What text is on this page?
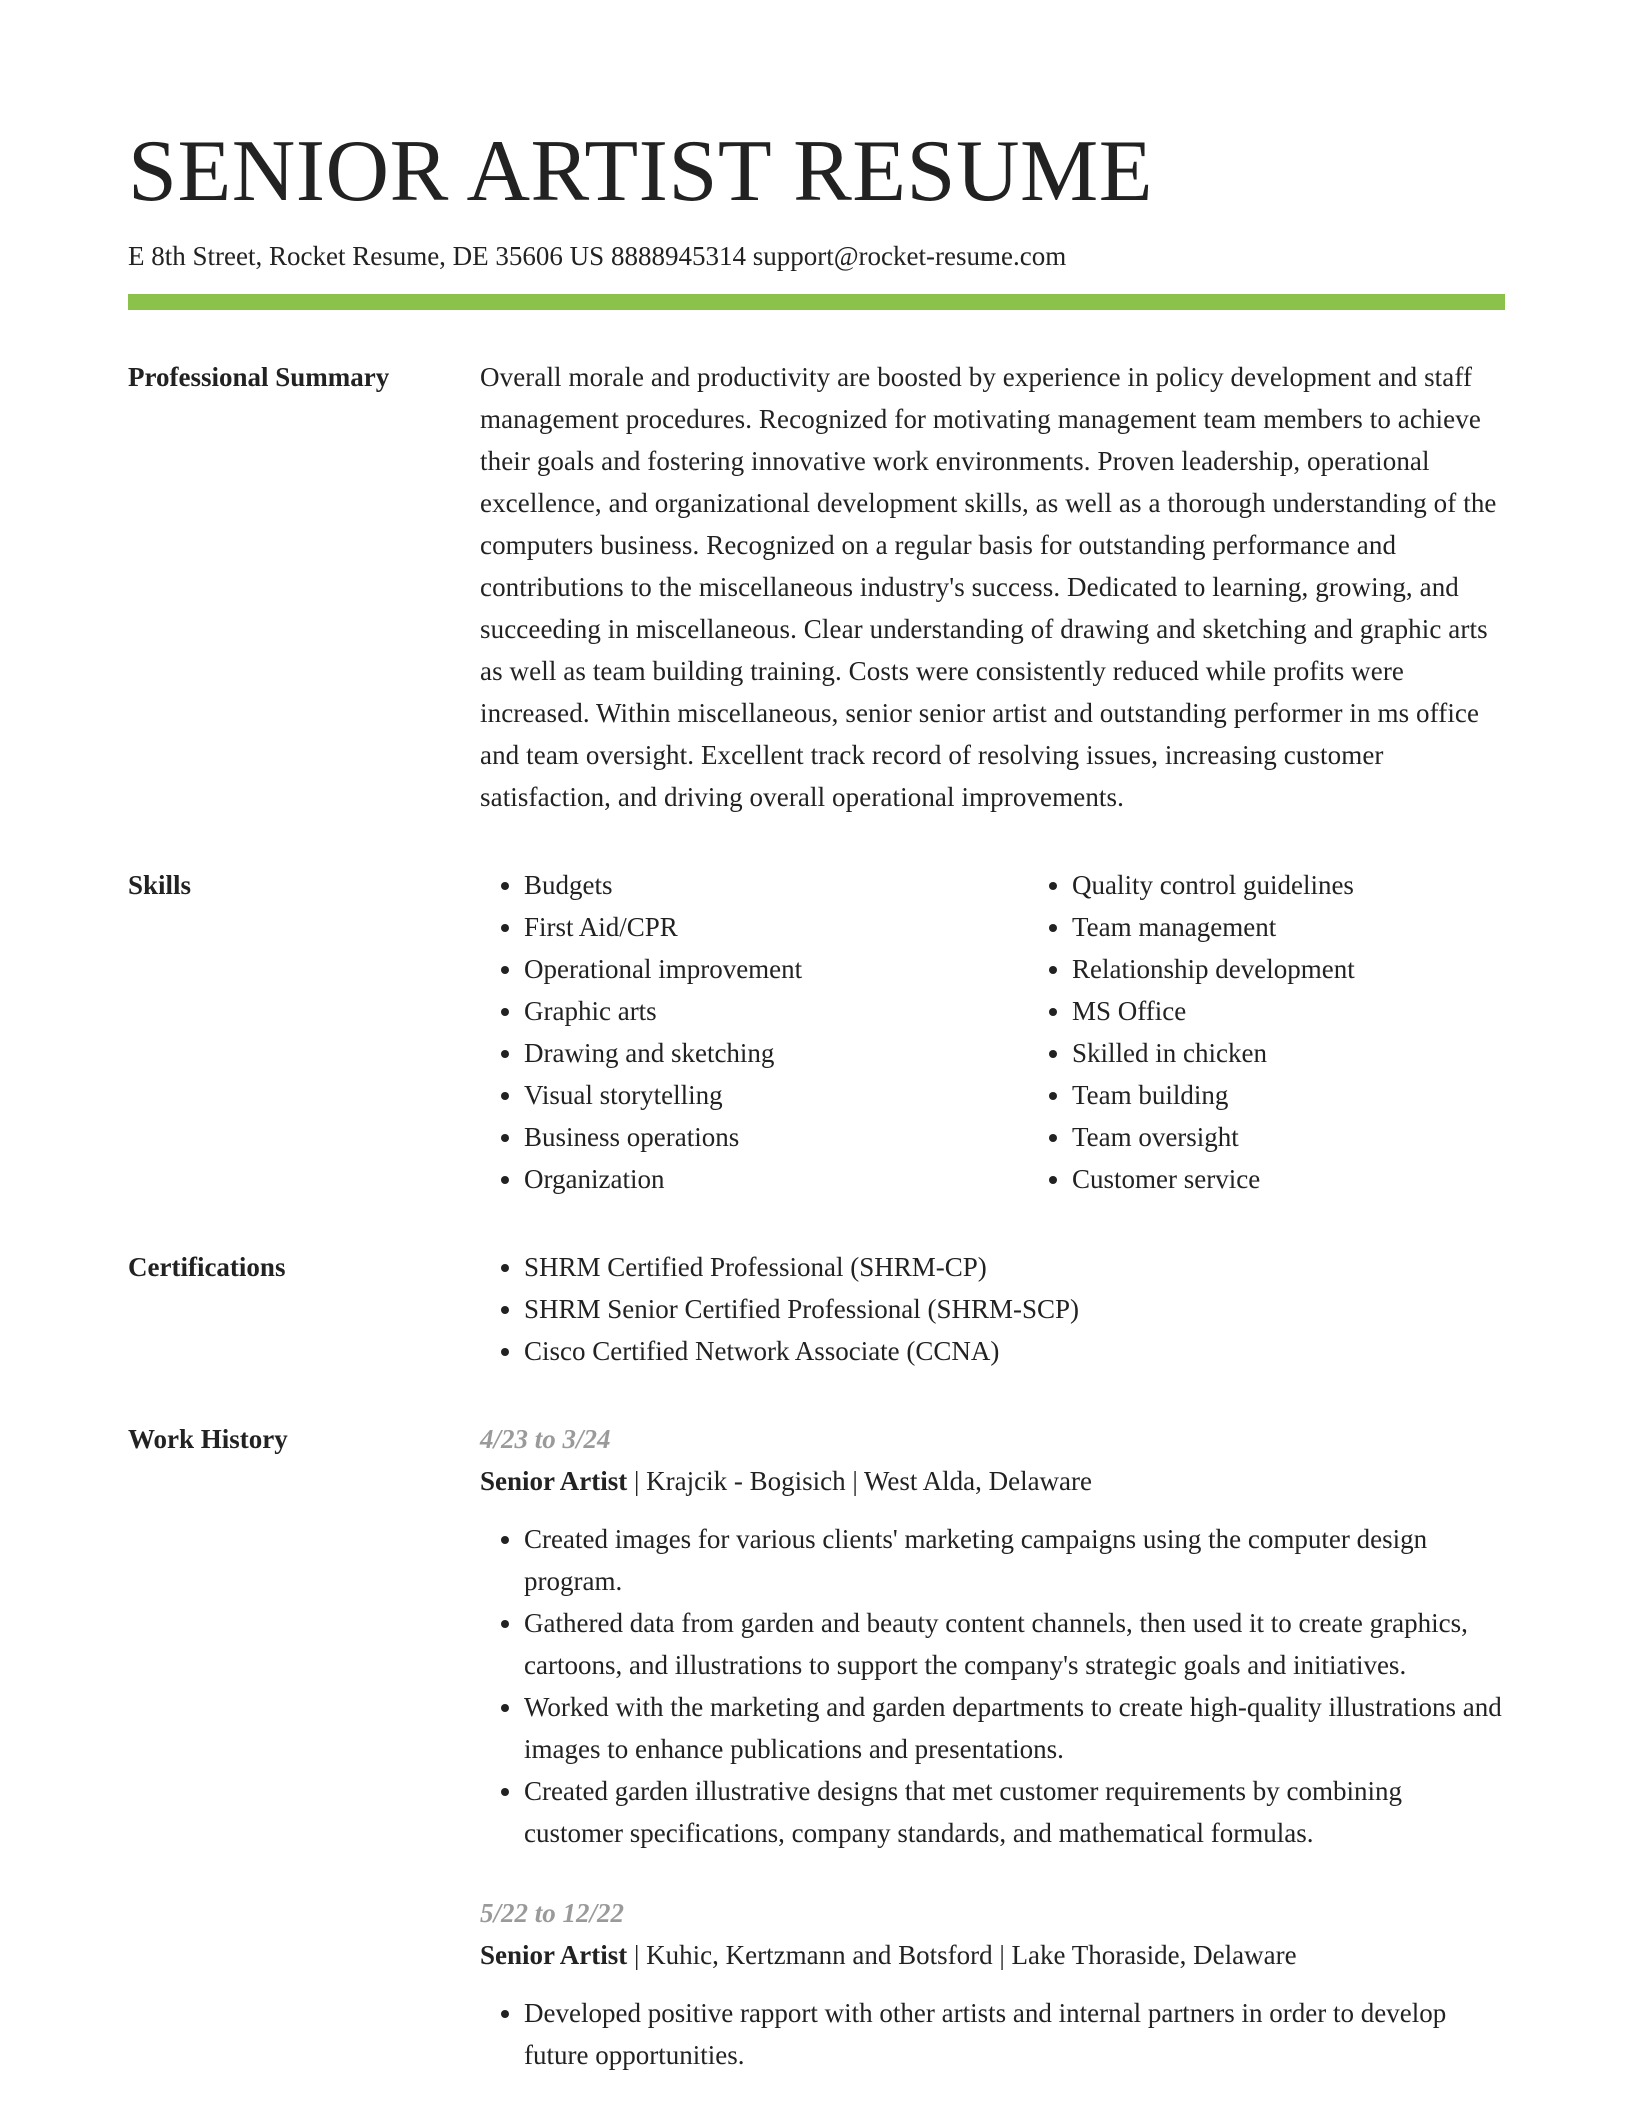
SENIOR ARTIST RESUME
E 8th Street, Rocket Resume, DE 35606 US 8888945314 support@rocket-resume.com
Professional Summary	Overall morale and productivity are boosted by experience in policy development and staff management procedures. Recognized for motivating management team members to achieve their goals and fostering innovative work environments. Proven leadership, operational excellence, and organizational development skills, as well as a thorough understanding of the computers business. Recognized on a regular basis for outstanding performance and contributions to the miscellaneous industry's success. Dedicated to learning, growing, and succeeding in miscellaneous. Clear understanding of drawing and sketching and graphic arts as well as team building training. Costs were consistently reduced while profits were increased. Within miscellaneous, senior senior artist and outstanding performer in ms office and team oversight. Excellent track record of resolving issues, increasing customer satisfaction, and driving overall operational improvements.

Skills	• Budgets
• First Aid/CPR
• Operational improvement
• Graphic arts
• Drawing and sketching
• Visual storytelling
• Business operations
• Organization
• Quality control guidelines
• Team management
• Relationship development
• MS Office
• Skilled in chicken
• Team building
• Team oversight
• Customer service
Certifications	• SHRM Certified Professional (SHRM-CP)
• SHRM Senior Certified Professional (SHRM-SCP)
• Cisco Certified Network Associate (CCNA)
Work History	4/23 to 3/24
Senior Artist | Krajcik - Bogisich | West Alda, Delaware
• Created images for various clients' marketing campaigns using the computer design program.
• Gathered data from garden and beauty content channels, then used it to create graphics, cartoons, and illustrations to support the company's strategic goals and initiatives.
• Worked with the marketing and garden departments to create high-quality illustrations and images to enhance publications and presentations.
• Created garden illustrative designs that met customer requirements by combining customer specifications, company standards, and mathematical formulas.
5/22 to 12/22
Senior Artist | Kuhic, Kertzmann and Botsford | Lake Thoraside, Delaware
• Developed positive rapport with other artists and internal partners in order to develop future opportunities.
